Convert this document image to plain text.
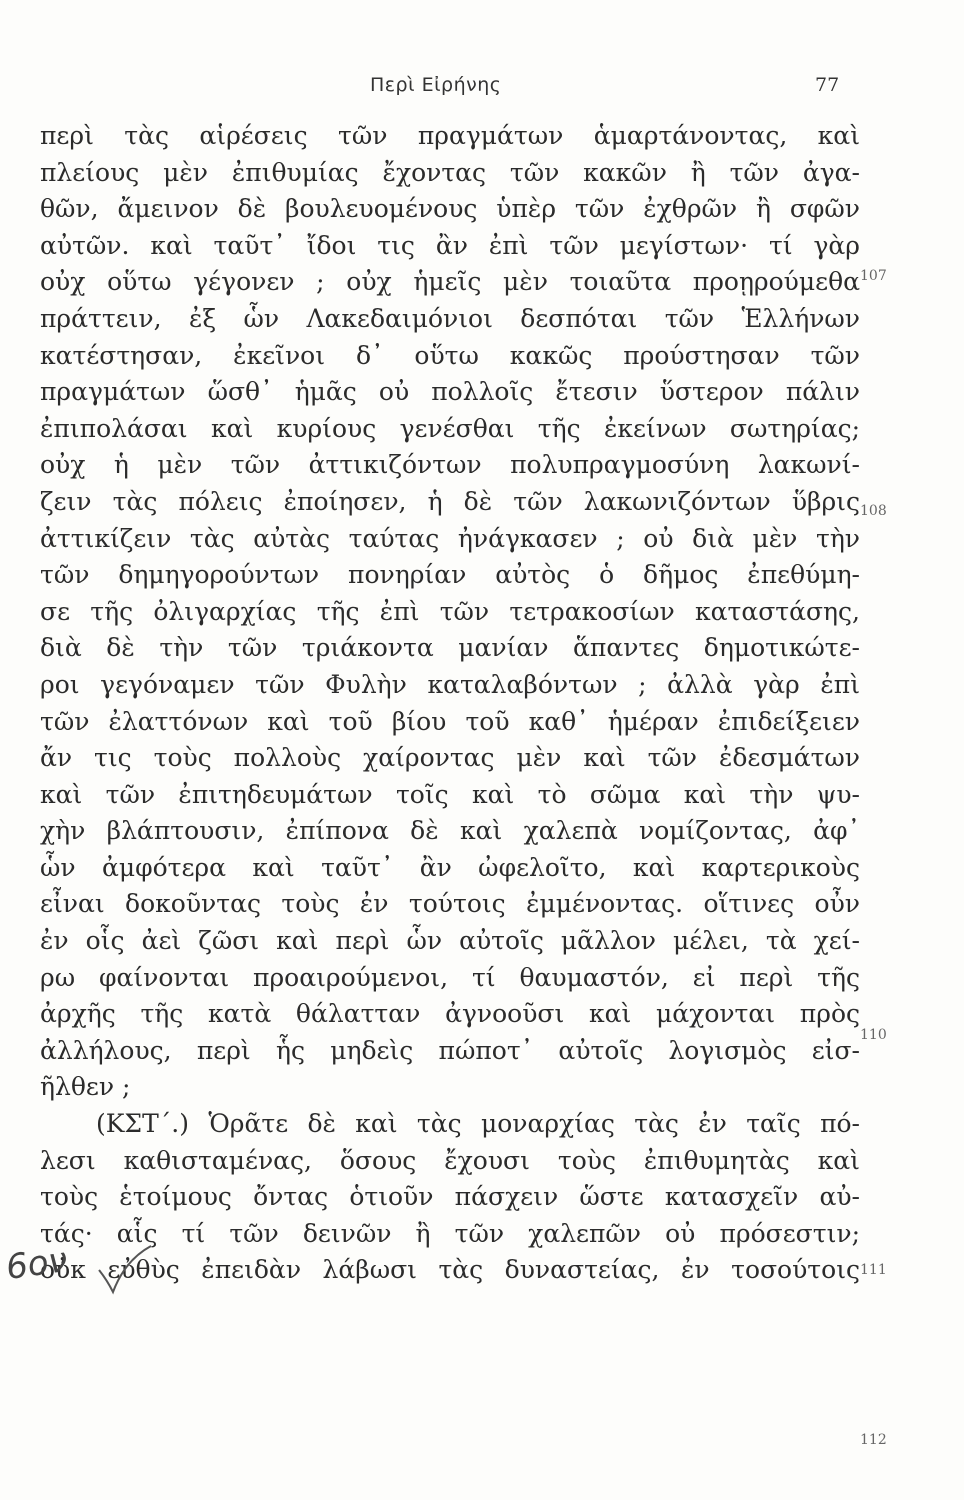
Περὶ Εἰρήνης	77
περὶ τὰς αἱρέσεις τῶν πραγμάτων ἁμαρτάνοντας, καὶ
πλείους μὲν ἐπιθυμίας ἔχοντας τῶν κακῶν ἢ τῶν ἀγα-
θῶν, ἄμεινον δὲ βουλευομένους ὑπὲρ τῶν ἐχθρῶν ἢ σφῶν
αὐτῶν. καὶ ταῦτ᾽ ἴδοι τις ἂν ἐπὶ τῶν μεγίστων· τί γὰρ
οὐχ οὕτω γέγονεν ; οὐχ ἡμεῖς μὲν τοιαῦτα προῃρούμεθα
πράττειν, ἐξ ὧν Λακεδαιμόνιοι δεσπόται τῶν Ἑλλήνων
κατέστησαν, ἐκεῖνοι δ᾽ οὕτω κακῶς προύστησαν τῶν
πραγμάτων ὥσθ᾽ ἡμᾶς οὐ πολλοῖς ἔτεσιν ὕστερον πάλιν
ἐπιπολάσαι καὶ κυρίους γενέσθαι τῆς ἐκείνων σωτηρίας;
οὐχ ἡ μὲν τῶν ἀττικιζόντων πολυπραγμοσύνη λακωνί-
ζειν τὰς πόλεις ἐποίησεν, ἡ δὲ τῶν λακωνιζόντων ὕβρις
ἀττικίζειν τὰς αὐτὰς ταύτας ἠνάγκασεν ; οὐ διὰ μὲν τὴν
τῶν δημηγορούντων πονηρίαν αὐτὸς ὁ δῆμος ἐπεθύμη-
σε τῆς ὀλιγαρχίας τῆς ἐπὶ τῶν τετρακοσίων καταστάσης,
διὰ δὲ τὴν τῶν τριάκοντα μανίαν ἅπαντες δημοτικώτε-
ροι γεγόναμεν τῶν Φυλὴν καταλαβόντων ; ἀλλὰ γὰρ ἐπὶ
τῶν ἐλαττόνων καὶ τοῦ βίου τοῦ καθ᾽ ἡμέραν ἐπιδείξειεν
ἄν τις τοὺς πολλοὺς χαίροντας μὲν καὶ τῶν ἐδεσμάτων
καὶ τῶν ἐπιτηδευμάτων τοῖς καὶ τὸ σῶμα καὶ τὴν ψυ-
χὴν βλάπτουσιν, ἐπίπονα δὲ καὶ χαλεπὰ νομίζοντας, ἀφ᾽
ὧν ἀμφότερα καὶ ταῦτ᾽ ἂν ὠφελοῖτο, καὶ καρτερικοὺς
εἶναι δοκοῦντας τοὺς ἐν τούτοις ἐμμένοντας. οἵτινες οὖν
ἐν οἷς ἀεὶ ζῶσι καὶ περὶ ὧν αὐτοῖς μᾶλλον μέλει, τὰ χεί-
ρω φαίνονται προαιρούμενοι, τί θαυμαστόν, εἰ περὶ τῆς
ἀρχῆς τῆς κατὰ θάλατταν ἀγνοοῦσι καὶ μάχονται πρὸς
ἀλλήλους, περὶ ἧς μηδεὶς πώποτ᾽ αὐτοῖς λογισμὸς εἰσ-
ῆλθεν ;
(ΚΣΤ΄.) Ὁρᾶτε δὲ καὶ τὰς μοναρχίας τὰς ἐν ταῖς πό-
λεσι καθισταμένας, ὅσους ἔχουσι τοὺς ἐπιθυμητὰς καὶ
τοὺς ἑτοίμους ὄντας ὁτιοῦν πάσχειν ὥστε κατασχεῖν αὐ-
τάς· αἷς τί τῶν δεινῶν ἢ τῶν χαλεπῶν οὐ πρόσεστιν;
οὐκ εὐθὺς ἐπειδὰν λάβωσι τὰς δυναστείας, ἐν τοσούτοις
107
108
110
111
112
6ον
